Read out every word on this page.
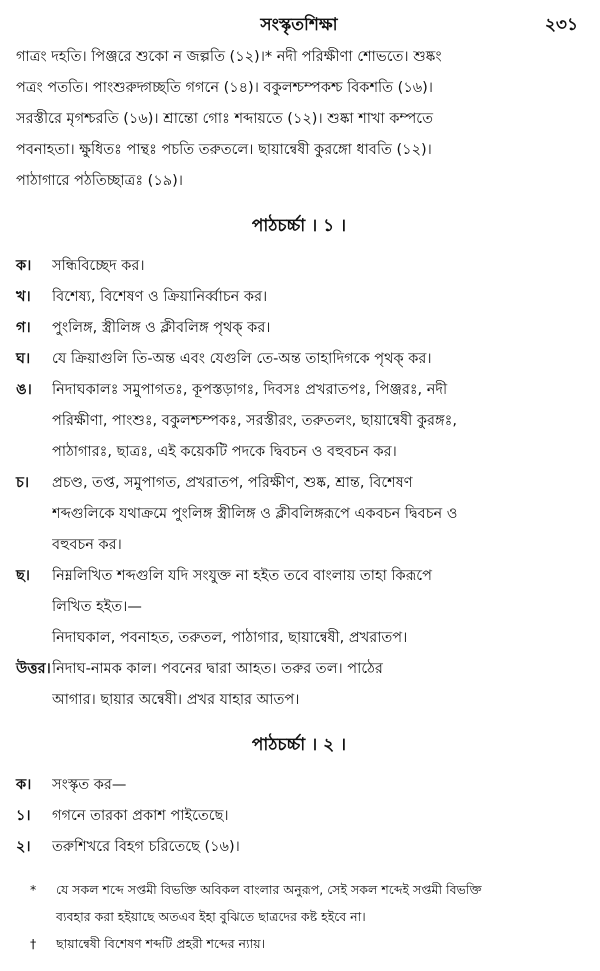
সংস্কৃতশিক্ষা	২৩১

গাত্রং দহতি। পিঞ্জরে শুকো ন জল্পতি (১২)।* নদী পরিক্ষীণা শোভতে। শুষ্কং

পত্রং পততি। পাংশুরুদ্গচ্ছতি গগনে (১৪)। বকুলশ্চম্পকশ্চ বিকশতি (১৬)।

সরস্তীরে মৃগশ্চরতি (১৬)। শ্রান্তো গোঃ শব্দায়তে (১২)। শুষ্কা শাখা কম্পতে

পবনাহতা। ক্ষুধিতঃ পান্থঃ পচতি তরুতলে। ছায়ান্বেষী কুরঙ্গো ধাবতি (১২)।

পাঠাগারে পঠতিচ্ছাত্রঃ (১৯)।

পাঠচর্চ্চা । ১ ।
ক।	সন্ধিবিচ্ছেদ কর।
খ।	বিশেষ্য, বিশেষণ ও ক্রিয়ানির্ব্বাচন কর।
গ।	পুংলিঙ্গ, স্ত্রীলিঙ্গ ও ক্লীবলিঙ্গ পৃথক্ কর।
ঘ।	যে ক্রিয়াগুলি তি-অন্ত এবং যেগুলি তে-অন্ত তাহাদিগকে পৃথক্ কর।
ঙ।	নিদাঘকালঃ সমুপাগতঃ, কূপস্তড়াগঃ, দিবসঃ প্রখরাতপঃ, পিঞ্জরঃ, নদী
পরিক্ষীণা, পাংশুঃ, বকুলশ্চম্পকঃ, সরস্তীরং, তরুতলং, ছায়ান্বেষী কুরঙ্গঃ,
পাঠাগারঃ, ছাত্রঃ, এই কয়েকটি পদকে দ্বিবচন ও বহুবচন কর।
চ।	প্রচণ্ড, তপ্ত, সমুপাগত, প্রখরাতপ, পরিক্ষীণ, শুষ্ক, শ্রান্ত, বিশেষণ
শব্দগুলিকে যথাক্রমে পুংলিঙ্গ স্ত্রীলিঙ্গ ও ক্লীবলিঙ্গরূপে একবচন দ্বিবচন ও
বহুবচন কর।
ছ।	নিম্নলিখিত শব্দগুলি যদি সংযুক্ত না হইত তবে বাংলায় তাহা কিরূপে
লিখিত হইত।—
নিদাঘকাল, পবনাহত, তরুতল, পাঠাগার, ছায়ান্বেষী, প্রখরাতপ।
উত্তর। নিদাঘ-নামক কাল। পবনের দ্বারা আহত। তরুর তল। পাঠের
আগার। ছায়ার অন্বেষী। প্রখর যাহার আতপ।
পাঠচর্চ্চা । ২ ।
ক।	সংস্কৃত কর—
১।	গগনে তারকা প্রকাশ পাইতেছে।
২।	তরুশিখরে বিহগ চরিতেছে (১৬)।
*	যে সকল শব্দে সপ্তমী বিভক্তি অবিকল বাংলার অনুরূপ, সেই সকল শব্দেই সপ্তমী বিভক্তি
ব্যবহার করা হইয়াছে অতএব ইহা বুঝিতে ছাত্রদের কষ্ট হইবে না।
†	ছায়ান্বেষী বিশেষণ শব্দটি প্রহরী শব্দের ন্যায়।
